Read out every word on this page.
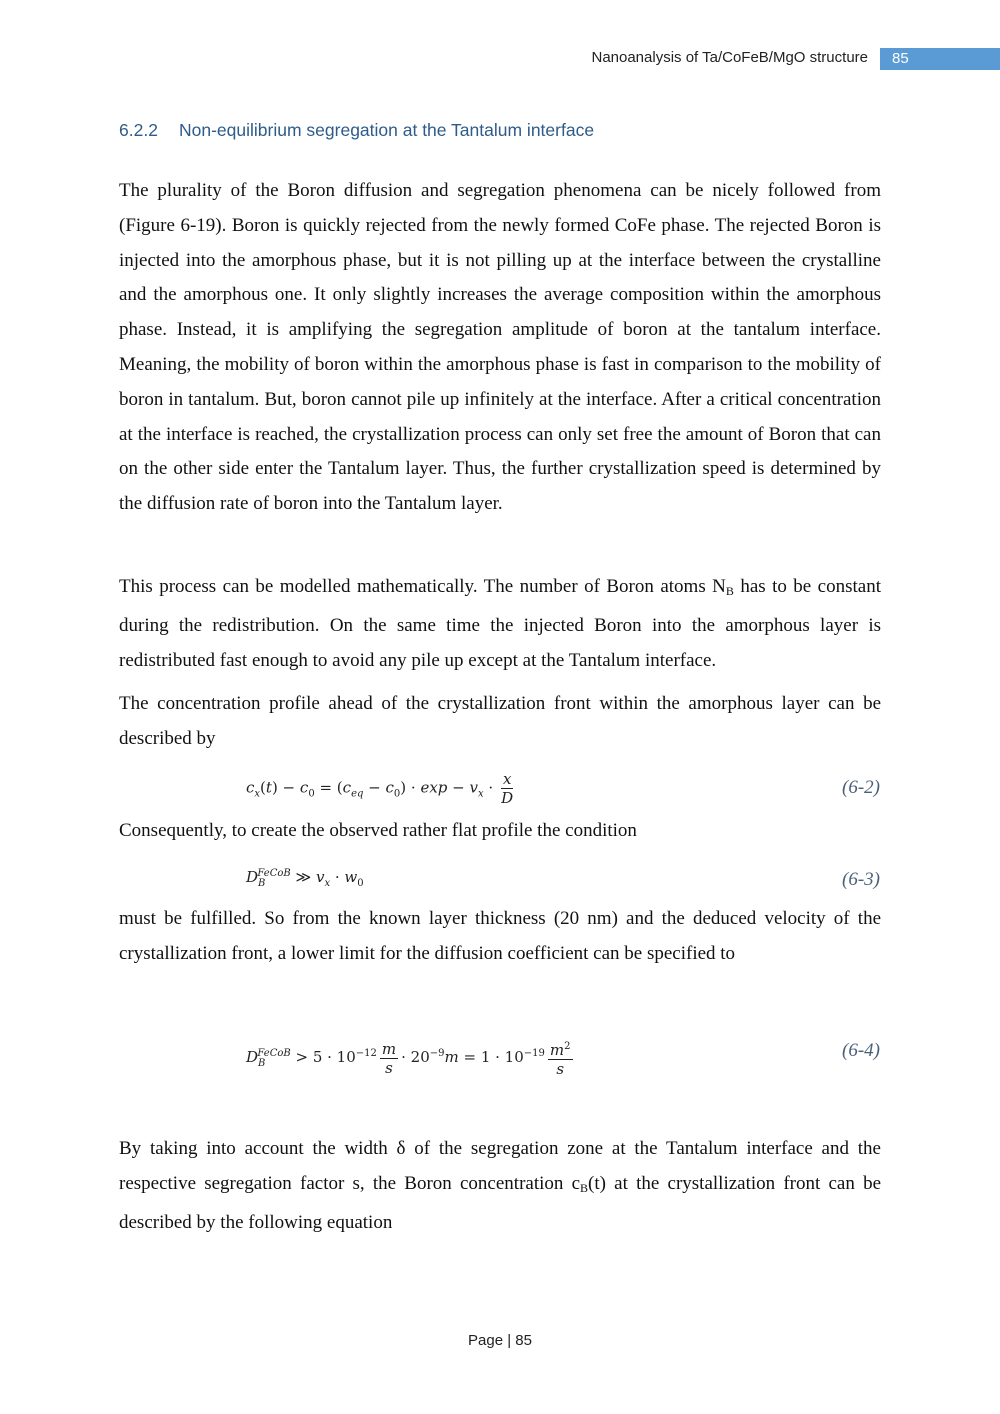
Nanoanalysis of Ta/CoFeB/MgO structure 85
6.2.2 Non-equilibrium segregation at the Tantalum interface
The plurality of the Boron diffusion and segregation phenomena can be nicely followed from (Figure 6-19). Boron is quickly rejected from the newly formed CoFe phase. The rejected Boron is injected into the amorphous phase, but it is not pilling up at the interface between the crystalline and the amorphous one. It only slightly increases the average composition within the amorphous phase. Instead, it is amplifying the segregation amplitude of boron at the tantalum interface. Meaning, the mobility of boron within the amorphous phase is fast in comparison to the mobility of boron in tantalum. But, boron cannot pile up infinitely at the interface. After a critical concentration at the interface is reached, the crystallization process can only set free the amount of Boron that can on the other side enter the Tantalum layer. Thus, the further crystallization speed is determined by the diffusion rate of boron into the Tantalum layer.
This process can be modelled mathematically. The number of Boron atoms $N_B$ has to be constant during the redistribution. On the same time the injected Boron into the amorphous layer is redistributed fast enough to avoid any pile up except at the Tantalum interface.
The concentration profile ahead of the crystallization front within the amorphous layer can be described by
$c_x(t) - c_0 = (c_{eq} - c_0) \cdot \exp - v_x \cdot \frac{x}{D}$	(6-2)
Consequently, to create the observed rather flat profile the condition
$D_B^{FeCoB}$ ≫ $v_x \cdot w_0$	(6-3)
must be fulfilled. So from the known layer thickness (20 nm) and the deduced velocity of the crystallization front, a lower limit for the diffusion coefficient can be specified to
$D_B^{FeCoB} > 5 \cdot 10^{-12} \frac{m}{s} \cdot 20^{-9}m = 1 \cdot 10^{-19} \frac{m^2}{s}$	(6-4)
By taking into account the width δ of the segregation zone at the Tantalum interface and the respective segregation factor s, the Boron concentration $c_B(t)$ at the crystallization front can be described by the following equation
Page | 85
